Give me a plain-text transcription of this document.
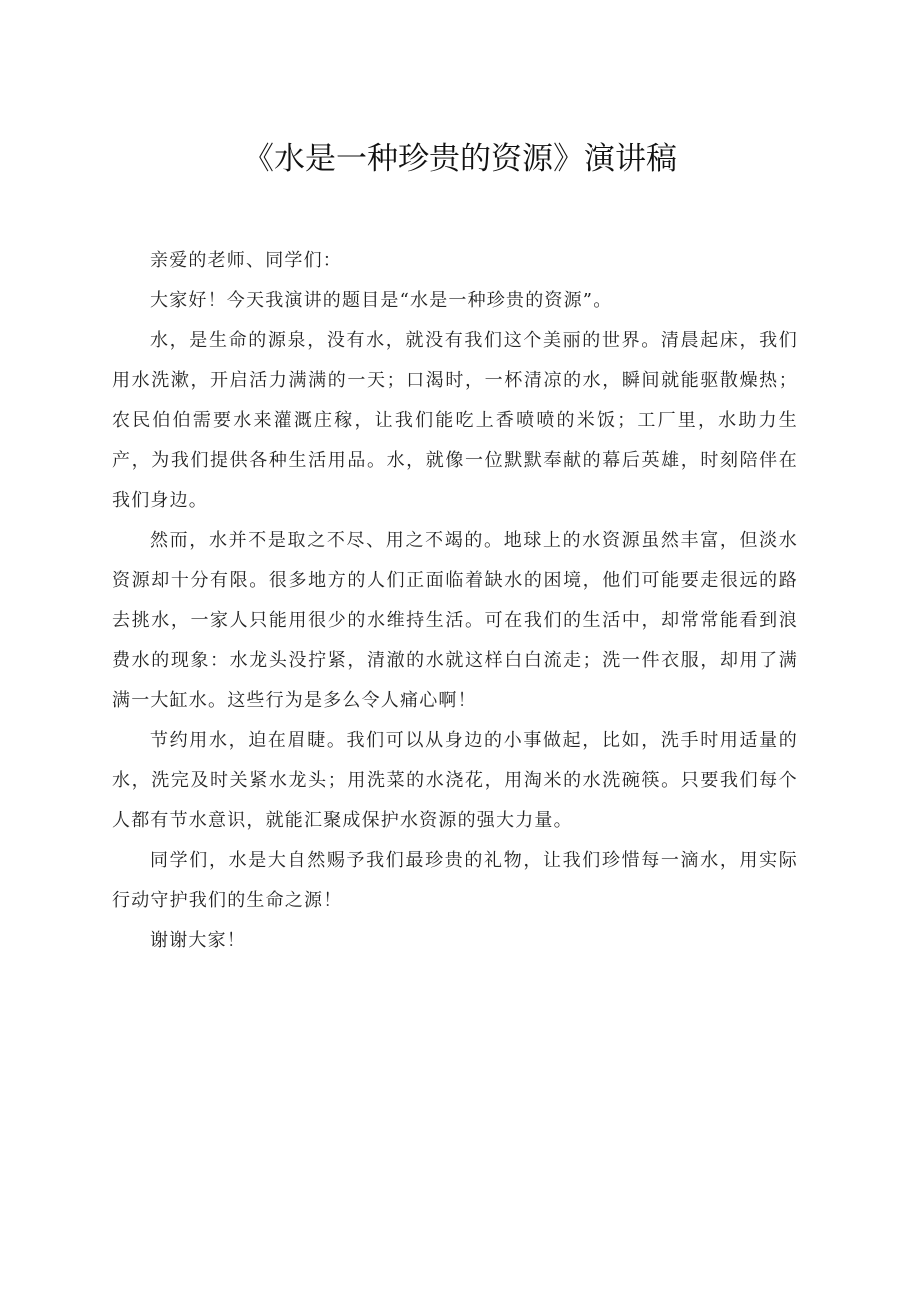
《水是一种珍贵的资源》演讲稿

亲爱的老师、同学们：

大家好！今天我演讲的题目是“水是一种珍贵的资源”。

水，是生命的源泉，没有水，就没有我们这个美丽的世界。清晨起床，我们用水洗漱，开启活力满满的一天；口渴时，一杯清凉的水，瞬间就能驱散燥热；农民伯伯需要水来灌溉庄稼，让我们能吃上香喷喷的米饭；工厂里，水助力生产，为我们提供各种生活用品。水，就像一位默默奉献的幕后英雄，时刻陪伴在我们身边。

然而，水并不是取之不尽、用之不竭的。地球上的水资源虽然丰富，但淡水资源却十分有限。很多地方的人们正面临着缺水的困境，他们可能要走很远的路去挑水，一家人只能用很少的水维持生活。可在我们的生活中，却常常能看到浪费水的现象：水龙头没拧紧，清澈的水就这样白白流走；洗一件衣服，却用了满满一大缸水。这些行为是多么令人痛心啊！

节约用水，迫在眉睫。我们可以从身边的小事做起，比如，洗手时用适量的水，洗完及时关紧水龙头；用洗菜的水浇花，用淘米的水洗碗筷。只要我们每个人都有节水意识，就能汇聚成保护水资源的强大力量。

同学们，水是大自然赐予我们最珍贵的礼物，让我们珍惜每一滴水，用实际行动守护我们的生命之源！

谢谢大家！
